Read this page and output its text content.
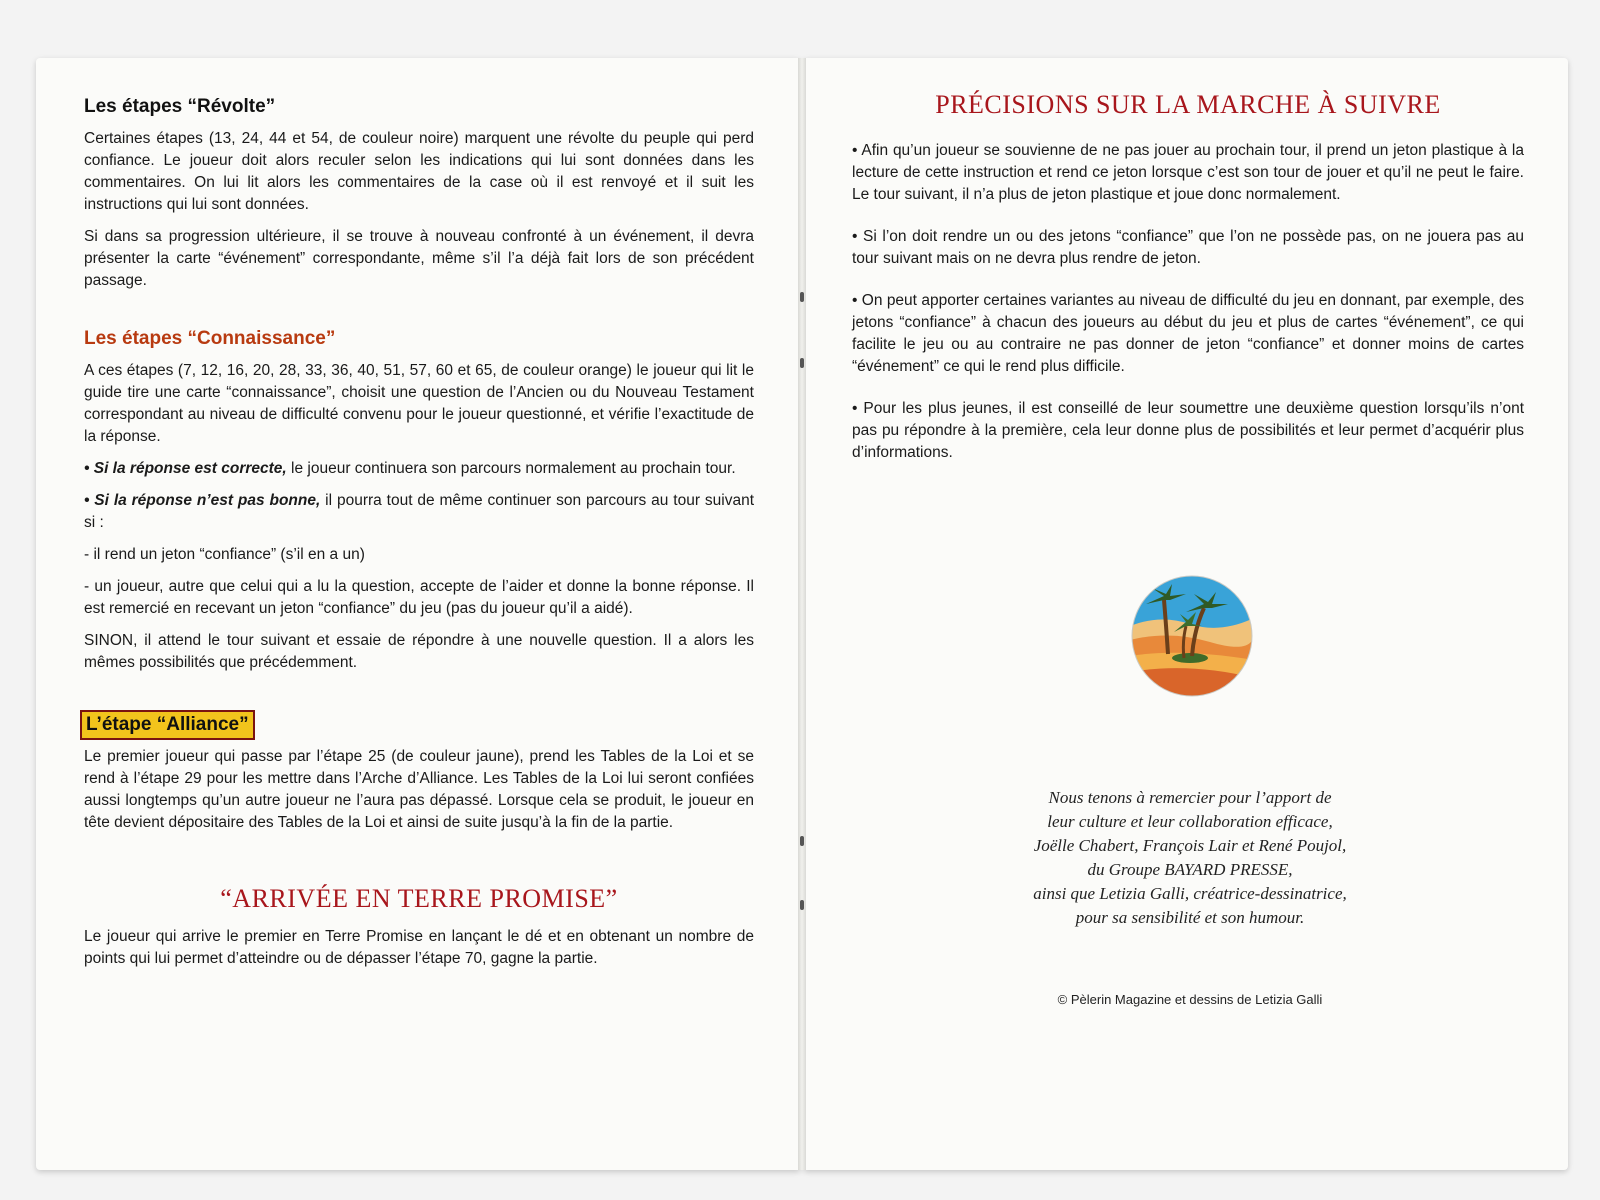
Les étapes “Révolte”

Certaines étapes (13, 24, 44 et 54, de couleur noire) marquent une révolte du peuple qui perd confiance. Le joueur doit alors reculer selon les indications qui lui sont données dans les commentaires. On lui lit alors les commentaires de la case où il est renvoyé et il suit les instructions qui lui sont données.

Si dans sa progression ultérieure, il se trouve à nouveau confronté à un événement, il devra présenter la carte “événement” correspondante, même s’il l’a déjà fait lors de son précédent passage.

Les étapes “Connaissance”

A ces étapes (7, 12, 16, 20, 28, 33, 36, 40, 51, 57, 60 et 65, de couleur orange) le joueur qui lit le guide tire une carte “connaissance”, choisit une question de l’Ancien ou du Nouveau Testament correspondant au niveau de difficulté convenu pour le joueur questionné, et vérifie l’exactitude de la réponse.

• Si la réponse est correcte, le joueur continuera son parcours normalement au prochain tour.

• Si la réponse n’est pas bonne, il pourra tout de même continuer son parcours au tour suivant si :

- il rend un jeton “confiance” (s’il en a un)

- un joueur, autre que celui qui a lu la question, accepte de l’aider et donne la bonne réponse. Il est remercié en recevant un jeton “confiance” du jeu (pas du joueur qu’il a aidé).

SINON, il attend le tour suivant et essaie de répondre à une nouvelle question. Il a alors les mêmes possibilités que précédemment.

L’étape “Alliance”

Le premier joueur qui passe par l’étape 25 (de couleur jaune), prend les Tables de la Loi et se rend à l’étape 29 pour les mettre dans l’Arche d’Alliance. Les Tables de la Loi lui seront confiées aussi longtemps qu’un autre joueur ne l’aura pas dépassé. Lorsque cela se produit, le joueur en tête devient dépositaire des Tables de la Loi et ainsi de suite jusqu’à la fin de la partie.

“ARRIVÉE EN TERRE PROMISE”

Le joueur qui arrive le premier en Terre Promise en lançant le dé et en obtenant un nombre de points qui lui permet d’atteindre ou de dépasser l’étape 70, gagne la partie.

PRÉCISIONS SUR LA MARCHE À SUIVRE

• Afin qu’un joueur se souvienne de ne pas jouer au prochain tour, il prend un jeton plastique à la lecture de cette instruction et rend ce jeton lorsque c’est son tour de jouer et qu’il ne peut le faire. Le tour suivant, il n’a plus de jeton plastique et joue donc normalement.

• Si l’on doit rendre un ou des jetons “confiance” que l’on ne possède pas, on ne jouera pas au tour suivant mais on ne devra plus rendre de jeton.

• On peut apporter certaines variantes au niveau de difficulté du jeu en donnant, par exemple, des jetons “confiance” à chacun des joueurs au début du jeu et plus de cartes “événement”, ce qui facilite le jeu ou au contraire ne pas donner de jeton “confiance” et donner moins de cartes “événement” ce qui le rend plus difficile.

• Pour les plus jeunes, il est conseillé de leur soumettre une deuxième question lorsqu’ils n’ont pas pu répondre à la première, cela leur donne plus de possibilités et leur permet d’acquérir plus d’informations.

Nous tenons à remercier pour l’apport de
leur culture et leur collaboration efficace,
Joëlle Chabert, François Lair et René Poujol,
du Groupe BAYARD PRESSE,
ainsi que Letizia Galli, créatrice-dessinatrice,
pour sa sensibilité et son humour.
© Pèlerin Magazine et dessins de Letizia Galli
